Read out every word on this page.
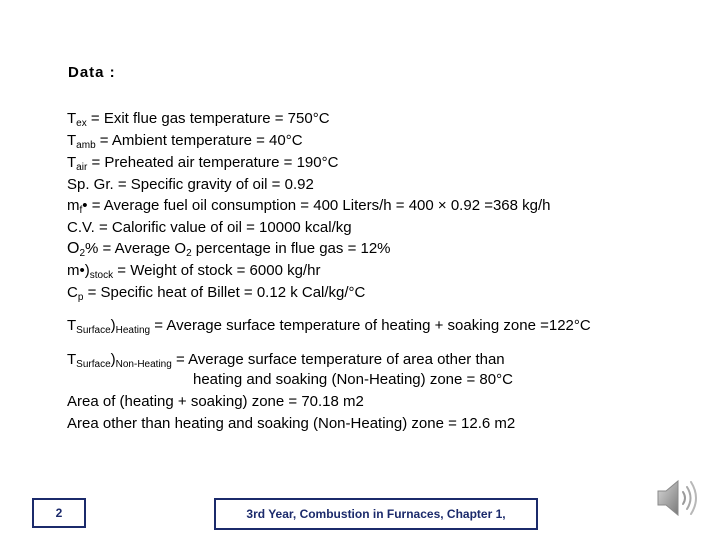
Data :
$T_{ex}$ = Exit flue gas temperature = 750°C
$T_{amb}$ = Ambient temperature = 40°C
$T_{air}$ = Preheated air temperature = 190°C
Sp. Gr. = Specific gravity of oil = 0.92
$m_f•$ = Average fuel oil consumption = 400 Liters/h = 400 × 0.92 =368 kg/h
C.V. = Calorific value of oil = 10000 kcal/kg
$O_2\%$ = Average $O_2$ percentage in flue gas = 12%
$m•)_{stock}$ = Weight of stock = 6000 kg/hr
$C_p$ = Specific heat of Billet = 0.12 k Cal/kg/°C
$T_{Surface})_{Heating}$ = Average surface temperature of heating + soaking zone =122°C
$T_{Surface})_{Non-Heating}$ = Average surface temperature of area other than
heating and soaking (Non-Heating) zone = 80°C
Area of (heating + soaking) zone = 70.18 m2
Area other than heating and soaking (Non-Heating) zone = 12.6 m2
2	3rd Year, Combustion in Furnaces, Chapter 1,
